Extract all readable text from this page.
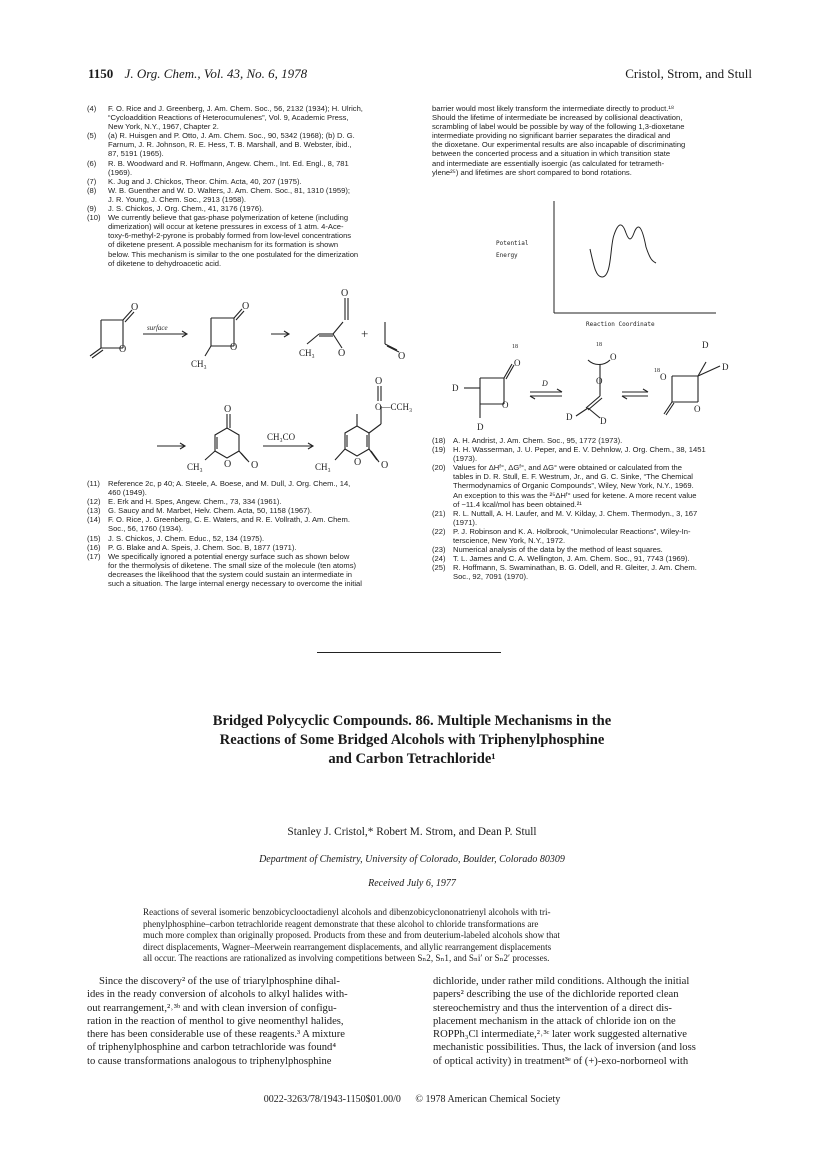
1150 J. Org. Chem., Vol. 43, No. 6, 1978	Cristol, Strom, and Stull
(4) F. O. Rice and J. Greenberg, J. Am. Chem. Soc., 56, 2132 (1934); H. Ulrich,
“Cycloaddition Reactions of Heterocumulenes”, Vol. 9, Academic Press,
New York, N.Y., 1967, Chapter 2.
(5) (a) R. Huisgen and P. Otto, J. Am. Chem. Soc., 90, 5342 (1968); (b) D. G.
Farnum, J. R. Johnson, R. E. Hess, T. B. Marshall, and B. Webster, ibid.,
87, 5191 (1965).
(6) R. B. Woodward and R. Hoffmann, Angew. Chem., Int. Ed. Engl., 8, 781
(1969).
(7) K. Jug and J. Chickos, Theor. Chim. Acta, 40, 207 (1975).
(8) W. B. Guenther and W. D. Walters, J. Am. Chem. Soc., 81, 1310 (1959);
J. R. Young, J. Chem. Soc., 2913 (1958).
(9) J. S. Chickos, J. Org. Chem., 41, 3176 (1976).
(10) We currently believe that gas-phase polymerization of ketene (including
dimerization) will occur at ketene pressures in excess of 1 atm. 4-Ace-
toxy-6-methyl-2-pyrone is probably formed from low-level concentrations
of diketene present. A possible mechanism for its formation is shown
below. This mechanism is similar to the one postulated for the dimerization
of diketene to dehydroacetic acid.
O
O
surface
O
O
CH₃
CH₃
O
O
+
O
O
O O
CH₃
CH₃CO
O
O—CCH₃
CH₃ O O
(11) Reference 2c, p 40; A. Steele, A. Boese, and M. Dull, J. Org. Chem., 14,
460 (1949).
(12) E. Erk and H. Spes, Angew. Chem., 73, 334 (1961).
(13) G. Saucy and M. Marbet, Helv. Chem. Acta, 50, 1158 (1967).
(14) F. O. Rice, J. Greenberg, C. E. Waters, and R. E. Vollrath, J. Am. Chem.
Soc., 56, 1760 (1934).
(15) J. S. Chickos, J. Chem. Educ., 52, 134 (1975).
(16) P. G. Blake and A. Speis, J. Chem. Soc. B, 1877 (1971).
(17) We specifically ignored a potential energy surface such as shown below
for the thermolysis of diketene. The small size of the molecule (ten atoms)
decreases the likelihood that the system could sustain an intermediate in
such a situation. The large internal energy necessary to overcome the initial
barrier would most likely transform the intermediate directly to product.¹⁸
Should the lifetime of intermediate be increased by collisional deactivation,
scrambling of label would be possible by way of the following 1,3-dioxetane
intermediate providing no significant barrier separates the diradical and
the dioxetane. Our experimental results are also incapable of discriminating
between the concerted process and a situation in which transition state
and intermediate are essentially isoergic (as calculated for tetrameth-
ylene²⁵) and lifetimes are short compared to bond rotations.
Potential
Energy
Reaction Coordinate
18
O
O
D
D
D
18
O
O
D	D
18
O
D
D
O
(18) A. H. Andrist, J. Am. Chem. Soc., 95, 1772 (1973).
(19) H. H. Wasserman, J. U. Peper, and E. V. Dehnlow, J. Org. Chem., 38, 1451
(1973).
(20) Values for ΔHᶠ°, ΔGᶠ°, and ΔG° were obtained or calculated from the
tables in D. R. Stull, E. F. Westrum, Jr., and G. C. Sinke, “The Chemical
Thermodynamics of Organic Compounds”, Wiley, New York, N.Y., 1969.
An exception to this was the ²⁵ΔHᶠ° used for ketene. A more recent value
of −11.4 kcal/mol has been obtained.²¹
(21) R. L. Nuttall, A. H. Laufer, and M. V. Kilday, J. Chem. Thermodyn., 3, 167
(1971).
(22) P. J. Robinson and K. A. Holbrook, “Unimolecular Reactions”, Wiley-In-
terscience, New York, N.Y., 1972.
(23) Numerical analysis of the data by the method of least squares.
(24) T. L. James and C. A. Wellington, J. Am. Chem. Soc., 91, 7743 (1969).
(25) R. Hoffmann, S. Swaminathan, B. G. Odell, and R. Gleiter, J. Am. Chem.
Soc., 92, 7091 (1970).
Bridged Polycyclic Compounds. 86. Multiple Mechanisms in the
Reactions of Some Bridged Alcohols with Triphenylphosphine
and Carbon Tetrachloride¹
Stanley J. Cristol,* Robert M. Strom, and Dean P. Stull
Department of Chemistry, University of Colorado, Boulder, Colorado 80309
Received July 6, 1977
Reactions of several isomeric benzobicyclooctadienyl alcohols and dibenzobicyclononatrienyl alcohols with tri-
phenylphosphine–carbon tetrachloride reagent demonstrate that these alcohol to chloride transformations are
much more complex than originally proposed. Products from these and from deuterium-labeled alcohols show that
direct displacements, Wagner–Meerwein rearrangement displacements, and allylic rearrangement displacements
all occur. The reactions are rationalized as involving competitions between Sₙ2, Sₙ1, and Sₙi′ or Sₙ2′ processes.
Since the discovery² of the use of triarylphosphine dihal-
ides in the ready conversion of alcohols to alkyl halides with-
out rearrangement,²˒³ᵇ and with clean inversion of configu-
ration in the reaction of menthol to give neomenthyl halides,
there has been considerable use of these reagents.³ A mixture
of triphenylphosphine and carbon tetrachloride was found⁴
to cause transformations analogous to triphenylphosphine
dichloride, under rather mild conditions. Although the initial
papers² describing the use of the dichloride reported clean
stereochemistry and thus the intervention of a direct dis-
placement mechanism in the attack of chloride ion on the
ROPPh₃Cl intermediate,²˒³ᶜ later work suggested alternative
mechanistic possibilities. Thus, the lack of inversion (and loss
of optical activity) in treatment³ᵉ of (+)-exo-norborneol with
0022-3263/78/1943-1150$01.00/0 © 1978 American Chemical Society
